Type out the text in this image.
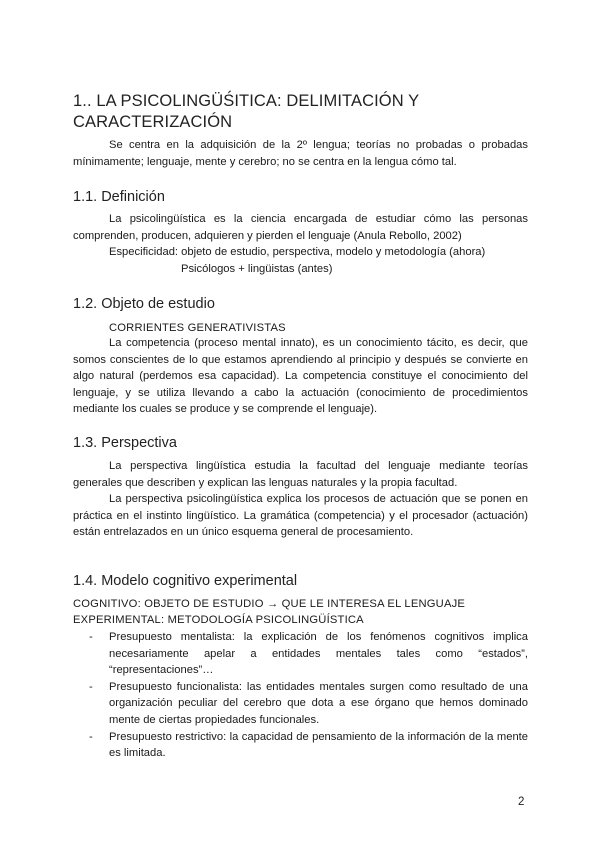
1.. LA PSICOLINGÜŚITICA: DELIMITACIÓN Y CARACTERIZACIÓN

Se centra en la adquisición de la 2º lengua; teorías no probadas o probadas mínimamente; lenguaje, mente y cerebro; no se centra en la lengua cómo tal.

1.1. Definición

La psicolingüística es la ciencia encargada de estudiar cómo las personas comprenden, producen, adquieren y pierden el lenguaje (Anula Rebollo, 2002)

Especificidad: objeto de estudio, perspectiva, modelo y metodología (ahora)

Psicólogos + lingüistas (antes)

1.2. Objeto de estudio

CORRIENTES GENERATIVISTAS

La competencia (proceso mental innato), es un conocimiento tácito, es decir, que somos conscientes de lo que estamos aprendiendo al principio y después se convierte en algo natural (perdemos esa capacidad). La competencia constituye el conocimiento del lenguaje, y se utiliza llevando a cabo la actuación (conocimiento de procedimientos mediante los cuales se produce y se comprende el lenguaje).

1.3. Perspectiva

La perspectiva lingüística estudia la facultad del lenguaje mediante teorías generales que describen y explican las lenguas naturales y la propia facultad.

La perspectiva psicolingüística explica los procesos de actuación que se ponen en práctica en el instinto lingüístico. La gramática (competencia) y el procesador (actuación) están entrelazados en un único esquema general de procesamiento.

1.4. Modelo cognitivo experimental

COGNITIVO: OBJETO DE ESTUDIO → QUE LE INTERESA EL LENGUAJE

EXPERIMENTAL: METODOLOGÍA PSICOLINGÜÍSTICA

- Presupuesto mentalista: la explicación de los fenómenos cognitivos implica necesariamente apelar a entidades mentales tales como “estados”, “representaciones”…
- Presupuesto funcionalista: las entidades mentales surgen como resultado de una organización peculiar del cerebro que dota a ese órgano que hemos dominado mente de ciertas propiedades funcionales.
- Presupuesto restrictivo: la capacidad de pensamiento de la información de la mente es limitada.
2
